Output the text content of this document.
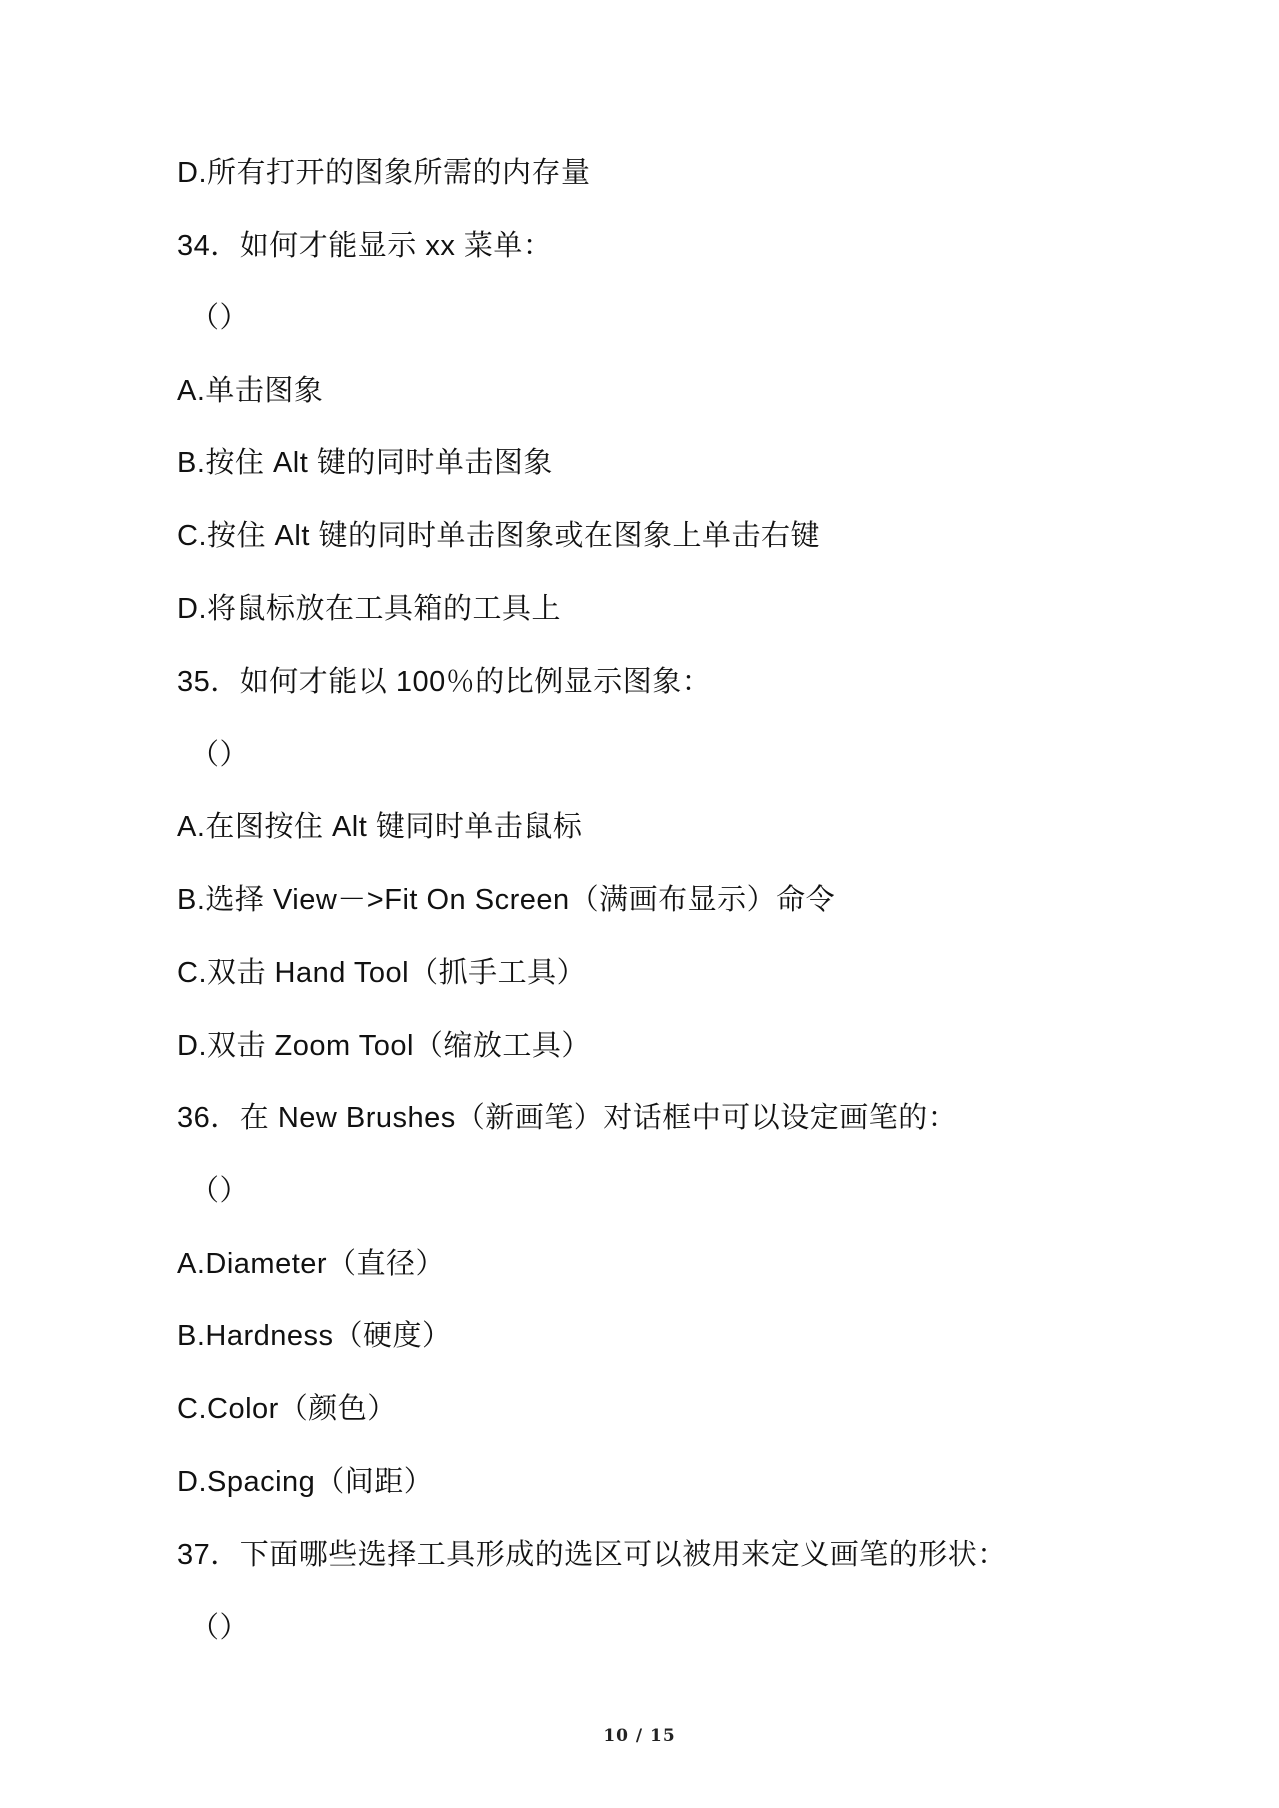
D.所有打开的图象所需的内存量
34．如何才能显示 xx 菜单：
（）
A.单击图象
B.按住 Alt 键的同时单击图象
C.按住 Alt 键的同时单击图象或在图象上单击右键
D.将鼠标放在工具箱的工具上
35．如何才能以 100％的比例显示图象：
（）
A.在图按住 Alt 键同时单击鼠标
B.选择 View－>Fit On Screen（满画布显示）命令
C.双击 Hand Tool（抓手工具）
D.双击 Zoom Tool（缩放工具）
36．在 New Brushes（新画笔）对话框中可以设定画笔的：
（）
A.Diameter（直径）
B.Hardness（硬度）
C.Color（颜色）
D.Spacing（间距）
37．下面哪些选择工具形成的选区可以被用来定义画笔的形状：
（）
10 / 15
